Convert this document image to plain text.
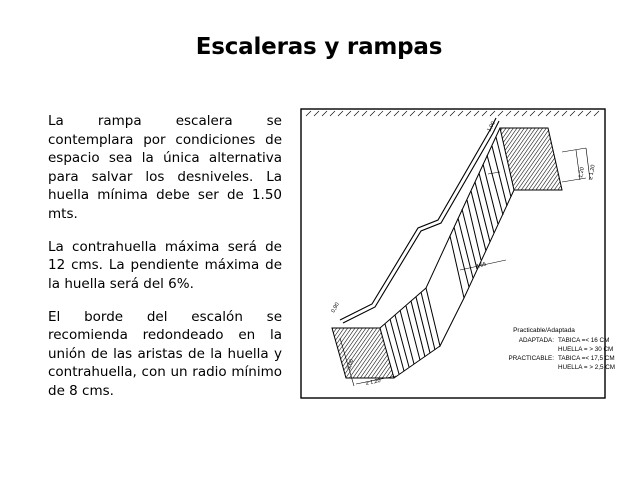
Escaleras y rampas

La rampa escalera se contemplara por condiciones de espacio sea la única alternativa para salvar los desniveles. La huella mínima debe ser de 1.50 mts.

La contrahuella máxima será de 12 cms. La pendiente máxima de la huella será del 6%.

El borde del escalón se recomienda redondeado en la unión de las aristas de la huella y contrahuella, con un radio mínimo de 8 cms.

1,20 ≥ 1,20
3,65
3,60
≥ 1,20
1,00
0,90
Practicable/Adaptada
ADAPTADA: TABICA =< 16 CM
HUELLA = > 30 CM
PRACTICABLE: TABICA =< 17,5 CM
HUELLA = > 2,5 CM
